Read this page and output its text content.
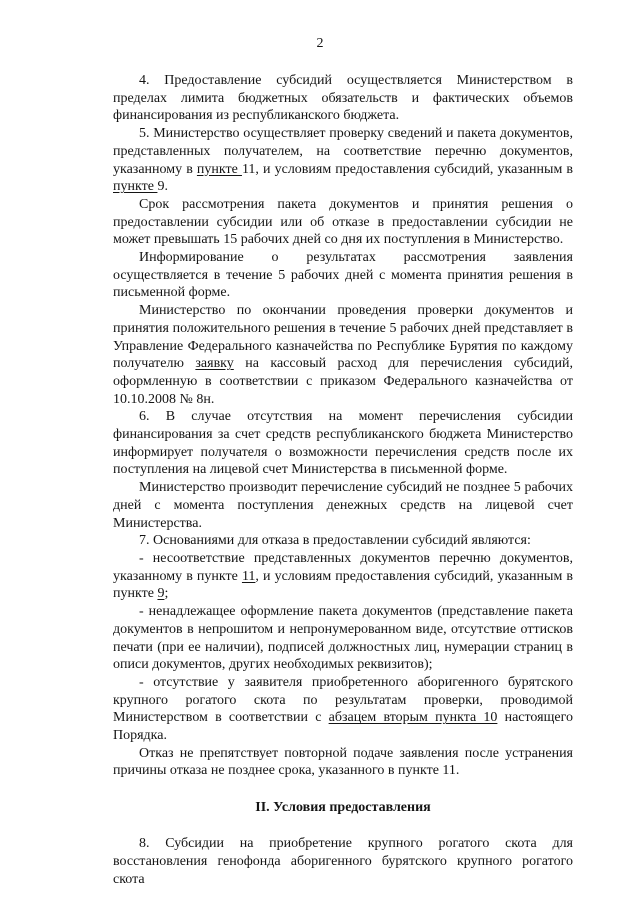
2

4. Предоставление субсидий осуществляется Министерством в пределах лимита бюджетных обязательств и фактических объемов финансирования из республиканского бюджета.

5. Министерство осуществляет проверку сведений и пакета документов, представленных получателем, на соответствие перечню документов, указанному в пункте 11, и условиям предоставления субсидий, указанным в пункте 9.

Срок рассмотрения пакета документов и принятия решения о предоставлении субсидии или об отказе в предоставлении субсидии не может превышать 15 рабочих дней со дня их поступления в Министерство.

Информирование о результатах рассмотрения заявления осуществляется в течение 5 рабочих дней с момента принятия решения в письменной форме.

Министерство по окончании проведения проверки документов и принятия положительного решения в течение 5 рабочих дней представляет в Управление Федерального казначейства по Республике Бурятия по каждому получателю заявку на кассовый расход для перечисления субсидий, оформленную в соответствии с приказом Федерального казначейства от 10.10.2008 № 8н.

6. В случае отсутствия на момент перечисления субсидии финансирования за счет средств республиканского бюджета Министерство информирует получателя о возможности перечисления средств после их поступления на лицевой счет Министерства в письменной форме.

Министерство производит перечисление субсидий не позднее 5 рабочих дней с момента поступления денежных средств на лицевой счет Министерства.

7. Основаниями для отказа в предоставлении субсидий являются:

- несоответствие представленных документов перечню документов, указанному в пункте 11, и условиям предоставления субсидий, указанным в пункте 9;

- ненадлежащее оформление пакета документов (представление пакета документов в непрошитом и непронумерованном виде, отсутствие оттисков печати (при ее наличии), подписей должностных лиц, нумерации страниц в описи документов, других необходимых реквизитов);

- отсутствие у заявителя приобретенного аборигенного бурятского крупного рогатого скота по результатам проверки, проводимой Министерством в соответствии с абзацем вторым пункта 10 настоящего Порядка.

Отказ не препятствует повторной подаче заявления после устранения причины отказа не позднее срока, указанного в пункте 11.

II. Условия предоставления

8. Субсидии на приобретение крупного рогатого скота для восстановления генофонда аборигенного бурятского крупного рогатого скота
